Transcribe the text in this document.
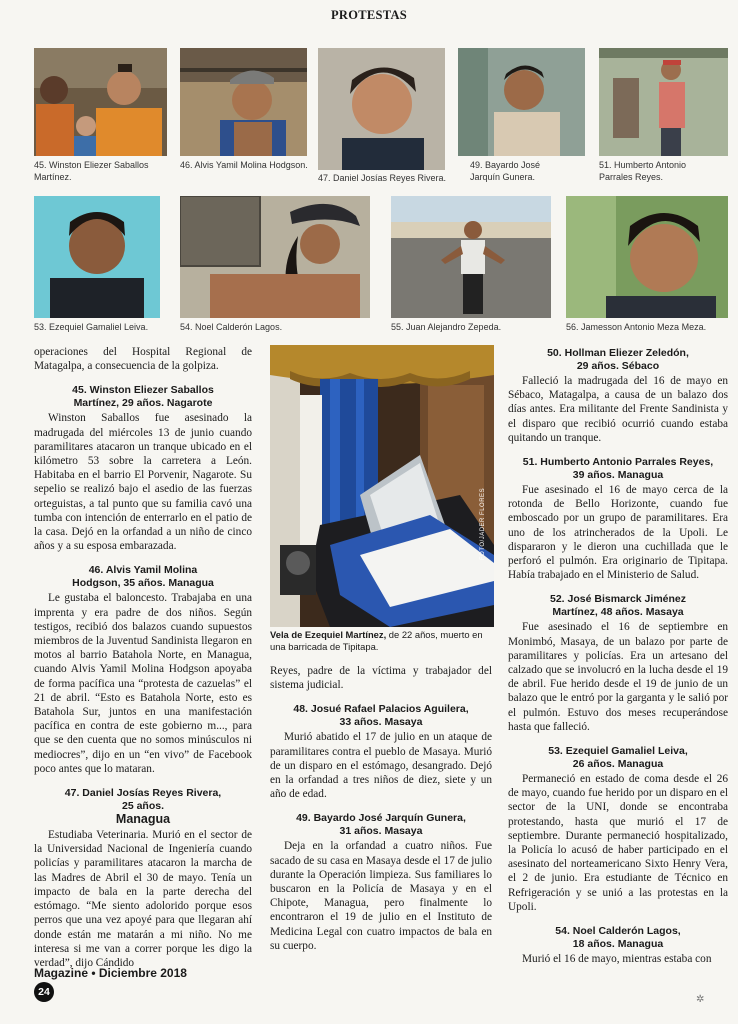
PROTESTAS
45. Winston Eliezer Saballos Martínez.
46. Alvis Yamil Molina Hodgson.
47. Daniel Josías Reyes Rivera.
49. Bayardo José Jarquín Gunera.
51. Humberto Antonio Parrales Reyes.
53. Ezequiel Gamaliel Leiva.	54. Noel Calderón Lagos.	55. Juan Alejandro Zepeda.	56. Jamesson Antonio Meza Meza.

operaciones del Hospital Regional de Matagalpa, a consecuencia de la golpiza.

45. Winston Eliezer Saballos
Martínez, 29 años. Nagarote

Winston Saballos fue asesinado la madrugada del miércoles 13 de junio cuando paramilitares atacaron un tranque ubicado en el kilómetro 53 sobre la carretera a León. Habitaba en el barrio El Porvenir, Nagarote. Su sepelio se realizó bajo el asedio de las fuerzas orteguistas, a tal punto que su familia cavó una tumba con intención de enterrarlo en el patio de la casa. Dejó en la orfandad a un niño de cinco años y a su esposa embarazada.

46. Alvis Yamil Molina
Hodgson, 35 años. Managua

Le gustaba el baloncesto. Trabajaba en una imprenta y era padre de dos niños. Según testigos, recibió dos balazos cuando supuestos miembros de la Juventud Sandinista llegaron en motos al barrio Batahola Norte, en Managua, cuando Alvis Yamil Molina Hodgson apoyaba de forma pacífica una “protesta de cazuelas” el 21 de abril. “Esto es Batahola Norte, esto es Batahola Sur, juntos en una manifestación pacífica en contra de este gobierno m..., para que se den cuenta que no somos minúsculos ni mediocres”, dijo en un “en vivo” de Facebook poco antes que lo mataran.

47. Daniel Josías Reyes Rivera,
25 años.
Managua

Estudiaba Veterinaria. Murió en el sector de la Universidad Nacional de Ingeniería cuando policías y paramilitares atacaron la marcha de las Madres de Abril el 30 de mayo. Tenía un impacto de bala en la parte derecha del estómago. “Me siento adolorido porque esos perros que una vez apoyé para que llegaran ahí donde están me matarán a mi niño. No me interesa si me van a correr porque les digo la verdad”, dijo Cándido

FOTO/JADER FLORES
Vela de Ezequiel Martínez, de 22 años, muerto en una barricada de Tipitapa.

Reyes, padre de la víctima y trabajador del sistema judicial.

48. Josué Rafael Palacios Aguilera,
33 años. Masaya

Murió abatido el 17 de julio en un ataque de paramilitares contra el pueblo de Masaya. Murió de un disparo en el estómago, desangrado. Dejó en la orfandad a tres niños de diez, siete y un año de edad.

49. Bayardo José Jarquín Gunera,
31 años. Masaya

Deja en la orfandad a cuatro niños. Fue sacado de su casa en Masaya desde el 17 de julio durante la Operación limpieza. Sus familiares lo buscaron en la Policía de Masaya y en el Chipote, Managua, pero finalmente lo encontraron el 19 de julio en el Instituto de Medicina Legal con cuatro impactos de bala en su cuerpo.

50. Hollman Eliezer Zeledón,
29 años. Sébaco

Falleció la madrugada del 16 de mayo en Sébaco, Matagalpa, a causa de un balazo dos días antes. Era militante del Frente Sandinista y el disparo que recibió ocurrió cuando estaba quitando un tranque.

51. Humberto Antonio Parrales Reyes,
39 años. Managua

Fue asesinado el 16 de mayo cerca de la rotonda de Bello Horizonte, cuando fue emboscado por un grupo de paramilitares. Era uno de los atrincherados de la Upoli. Le dispararon y le dieron una cuchillada que le perforó el pulmón. Era originario de Tipitapa. Había trabajado en el Ministerio de Salud.

52. José Bismarck Jiménez
Martínez, 48 años. Masaya

Fue asesinado el 16 de septiembre en Monimbó, Masaya, de un balazo por parte de paramilitares y policías. Era un artesano del calzado que se involucró en la lucha desde el 19 de abril. Fue herido desde el 19 de junio de un balazo que le entró por la garganta y le salió por el pulmón. Estuvo dos meses recuperándose hasta que falleció.

53. Ezequiel Gamaliel Leiva,
26 años. Managua

Permaneció en estado de coma desde el 26 de mayo, cuando fue herido por un disparo en el sector de la UNI, donde se encontraba protestando, hasta que murió el 17 de septiembre. Durante permaneció hospitalizado, la Policía lo acusó de haber participado en el asesinato del norteamericano Sixto Henry Vera, el 2 de junio. Era estudiante de Técnico en Refrigeración y se unió a las protestas en la Upoli.

54. Noel Calderón Lagos,
18 años. Managua

Murió el 16 de mayo, mientras estaba con

Magazine • Diciembre 2018
24
✲
